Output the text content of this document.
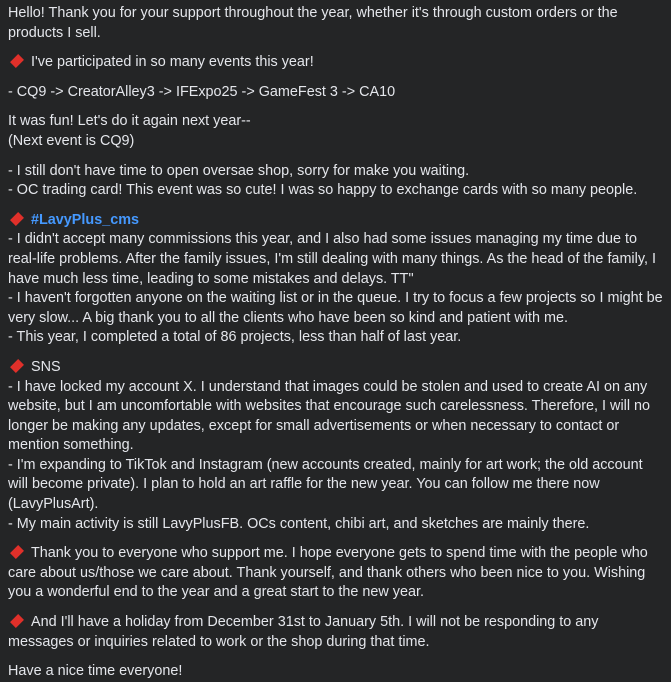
Hello! Thank you for your support throughout the year, whether it's through custom orders or the products I sell.
I've participated in so many events this year!
- CQ9 -> CreatorAlley3 -> IFExpo25 -> GameFest 3 -> CA10
It was fun! Let's do it again next year--
(Next event is CQ9)
- I still don't have time to open oversae shop, sorry for make you waiting.
- OC trading card! This event was so cute! I was so happy to exchange cards with so many people.
#LavyPlus_cms
- I didn't accept many commissions this year, and I also had some issues managing my time due to real-life problems. After the family issues, I'm still dealing with many things. As the head of the family, I have much less time, leading to some mistakes and delays. TT"
- I haven't forgotten anyone on the waiting list or in the queue. I try to focus a few projects so I might be very slow... A big thank you to all the clients who have been so kind and patient with me.
- This year, I completed a total of 86 projects, less than half of last year.
SNS
- I have locked my account X. I understand that images could be stolen and used to create AI on any website, but I am uncomfortable with websites that encourage such carelessness. Therefore, I will no longer be making any updates, except for small advertisements or when necessary to contact or mention something.
- I'm expanding to TikTok and Instagram (new accounts created, mainly for art work; the old account will become private). I plan to hold an art raffle for the new year. You can follow me there now (LavyPlusArt).
- My main activity is still LavyPlusFB. OCs content, chibi art, and sketches are mainly there.
Thank you to everyone who support me. I hope everyone gets to spend time with the people who care about us/those we care about. Thank yourself, and thank others who been nice to you. Wishing you a wonderful end to the year and a great start to the new year.
And I'll have a holiday from December 31st to January 5th. I will not be responding to any messages or inquiries related to work or the shop during that time.
Have a nice time everyone!
